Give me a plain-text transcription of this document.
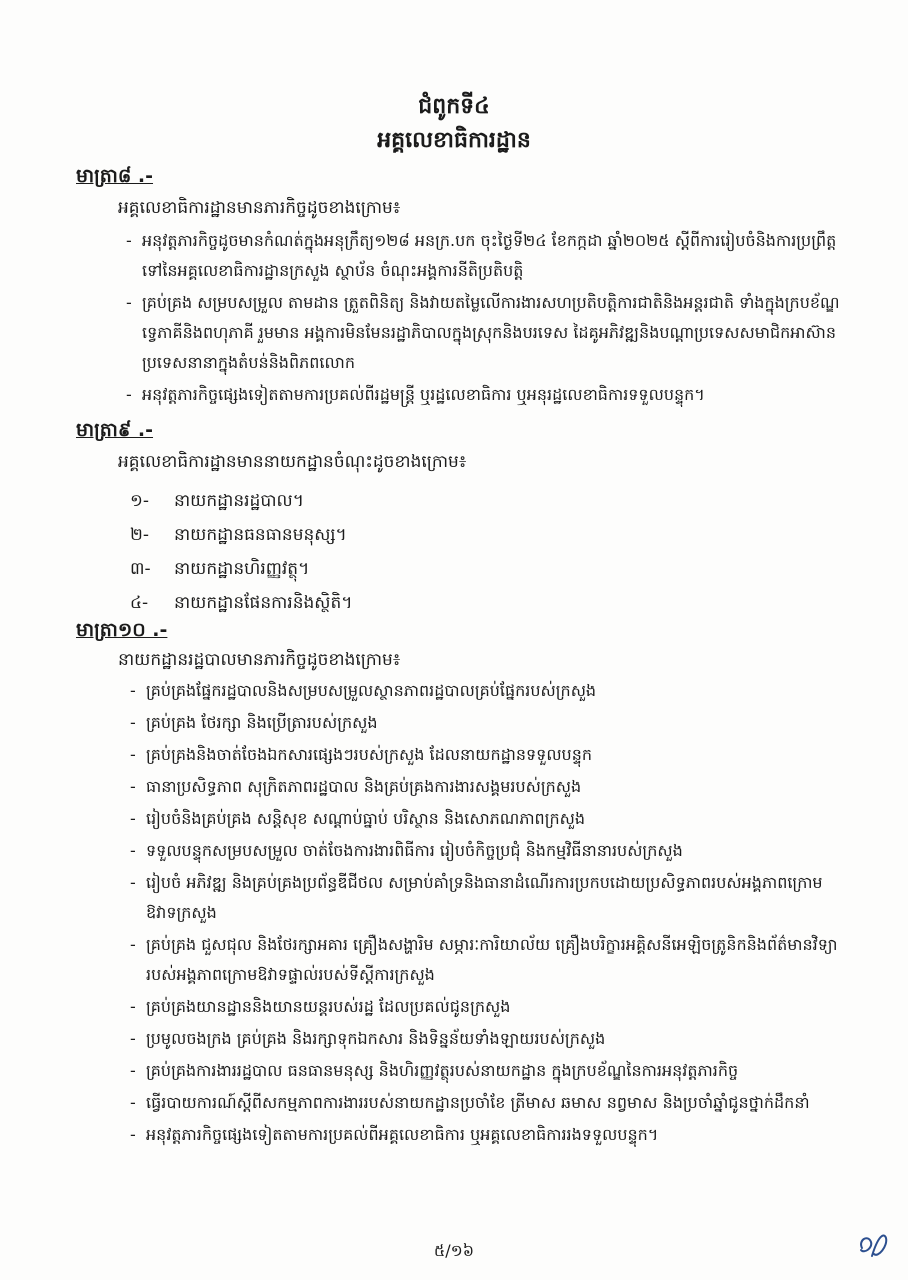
ជំពូកទី៤
អគ្គលេខាធិការដ្ឋាន
មាត្រា៨ .-
អគ្គលេខាធិការដ្ឋានមានភារកិច្ចដូចខាងក្រោម៖
- អនុវត្តភារកិច្ចដូចមានកំណត់ក្នុងអនុក្រឹត្យ១២៨ អនក្រ.បក ចុះថ្ងៃទី២៤ ខែកក្កដា ឆ្នាំ២០២៥ ស្ដីពីការរៀបចំនិងការប្រព្រឹត្តទៅនៃអគ្គលេខាធិការដ្ឋានក្រសួង ស្ថាប័ន ចំណុះអង្គការនីតិប្រតិបត្តិ
- គ្រប់គ្រង សម្របសម្រួល តាមដាន ត្រួតពិនិត្យ និងវាយតម្លៃលើការងារសហប្រតិបត្តិការជាតិនិងអន្តរជាតិ ទាំងក្នុងក្របខ័ណ្ឌទ្វេភាគីនិងពហុភាគី រួមមាន អង្គការមិនមែនរដ្ឋាភិបាលក្នុងស្រុកនិងបរទេស ដៃគូអភិវឌ្ឍនិងបណ្ដាប្រទេសសមាជិកអាស៊ាន ប្រទេសនានាក្នុងតំបន់និងពិភពលោក
- អនុវត្តភារកិច្ចផ្សេងទៀតតាមការប្រគល់ពីរដ្ឋមន្ត្រី ឬរដ្ឋលេខាធិការ ឬអនុរដ្ឋលេខាធិការទទួលបន្ទុក។
មាត្រា៩ .-
អគ្គលេខាធិការដ្ឋានមាននាយកដ្ឋានចំណុះដូចខាងក្រោម៖
១- នាយកដ្ឋានរដ្ឋបាល។
២- នាយកដ្ឋានធនធានមនុស្ស។
៣- នាយកដ្ឋានហិរញ្ញវត្ថុ។
៤- នាយកដ្ឋានផែនការនិងស្ថិតិ។
មាត្រា១០ .-
នាយកដ្ឋានរដ្ឋបាលមានភារកិច្ចដូចខាងក្រោម៖
- គ្រប់គ្រងផ្នែករដ្ឋបាលនិងសម្របសម្រួលស្ថានភាពរដ្ឋបាលគ្រប់ផ្នែករបស់ក្រសួង
- គ្រប់គ្រង ថែរក្សា និងប្រើត្រារបស់ក្រសួង
- គ្រប់គ្រងនិងចាត់ចែងឯកសារផ្សេងៗរបស់ក្រសួង ដែលនាយកដ្ឋានទទួលបន្ទុក
- ធានាប្រសិទ្ធភាព សុក្រិតភាពរដ្ឋបាល និងគ្រប់គ្រងការងារសង្គមរបស់ក្រសួង
- រៀបចំនិងគ្រប់គ្រង សន្តិសុខ សណ្ដាប់ធ្នាប់ បរិស្ថាន និងសោភណភាពក្រសួង
- ទទួលបន្ទុកសម្របសម្រួល ចាត់ចែងការងារពិធីការ រៀបចំកិច្ចប្រជុំ និងកម្មវិធីនានារបស់ក្រសួង
- រៀបចំ អភិវឌ្ឍ និងគ្រប់គ្រងប្រព័ន្ធឌីជីថល សម្រាប់គាំទ្រនិងធានាដំណើរការប្រកបដោយប្រសិទ្ធភាពរបស់អង្គភាពក្រោមឱវាទក្រសួង
- គ្រប់គ្រង ជួសជុល និងថែរក្សាអគារ គ្រឿងសង្ហារិម សម្ភារៈការិយាល័យ គ្រឿងបរិក្ខារអគ្គិសនីអេឡិចត្រូនិកនិងព័ត៌មានវិទ្យា របស់អង្គភាពក្រោមឱវាទផ្ទាល់របស់ទីស្ដីការក្រសួង
- គ្រប់គ្រងយានដ្ឋាននិងយានយន្តរបស់រដ្ឋ ដែលប្រគល់ជូនក្រសួង
- ប្រមូលចងក្រង គ្រប់គ្រង និងរក្សាទុកឯកសារ និងទិន្នន័យទាំងឡាយរបស់ក្រសួង
- គ្រប់គ្រងការងាររដ្ឋបាល ធនធានមនុស្ស និងហិរញ្ញវត្ថុរបស់នាយកដ្ឋាន ក្នុងក្របខ័ណ្ឌនៃការអនុវត្តភារកិច្ច
- ធ្វើរបាយការណ៍ស្ដីពីសកម្មភាពការងាររបស់នាយកដ្ឋានប្រចាំខែ ត្រីមាស ឆមាស នព្វមាស និងប្រចាំឆ្នាំជូនថ្នាក់ដឹកនាំ
- អនុវត្តភារកិច្ចផ្សេងទៀតតាមការប្រគល់ពីអគ្គលេខាធិការ ឬអគ្គលេខាធិការរងទទួលបន្ទុក។
៥/១៦
